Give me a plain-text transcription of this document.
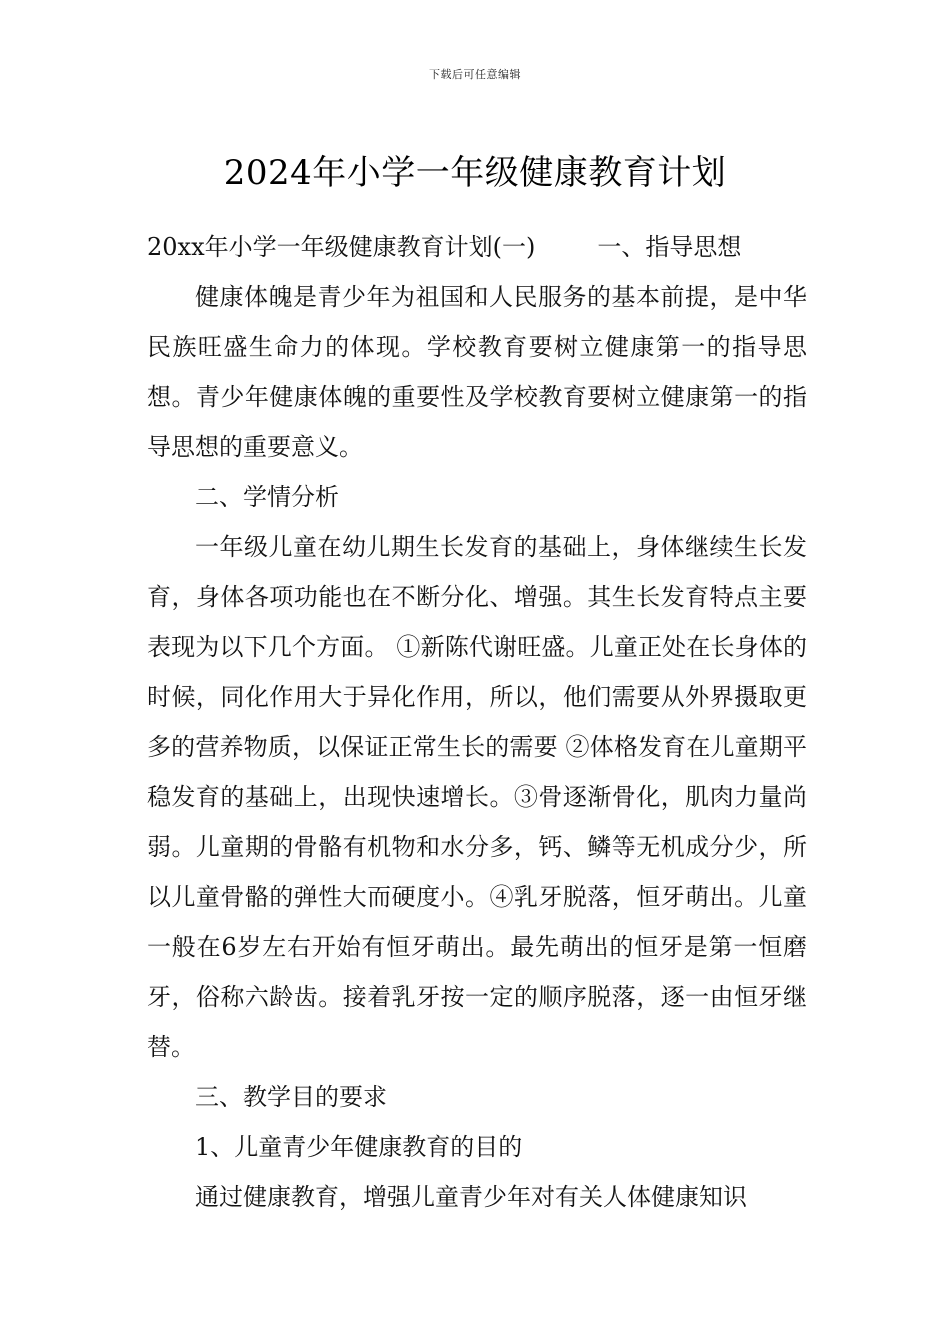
下载后可任意编辑
2024年小学一年级健康教育计划

20xx年小学一年级健康教育计划(一)	一、指导思想

健康体魄是青少年为祖国和人民服务的基本前提，是中华民族旺盛生命力的体现。学校教育要树立健康第一的指导思想。青少年健康体魄的重要性及学校教育要树立健康第一的指导思想的重要意义。

二、学情分析

一年级儿童在幼儿期生长发育的基础上，身体继续生长发育，身体各项功能也在不断分化、增强。其生长发育特点主要表现为以下几个方面。 ①新陈代谢旺盛。儿童正处在长身体的时候，同化作用大于异化作用，所以，他们需要从外界摄取更多的营养物质，以保证正常生长的需要 ②体格发育在儿童期平稳发育的基础上，出现快速增长。③骨逐渐骨化，肌肉力量尚弱。儿童期的骨骼有机物和水分多，钙、鳞等无机成分少，所以儿童骨骼的弹性大而硬度小。④乳牙脱落，恒牙萌出。儿童一般在6岁左右开始有恒牙萌出。最先萌出的恒牙是第一恒磨牙，俗称六龄齿。接着乳牙按一定的顺序脱落，逐一由恒牙继替。

三、教学目的要求

1、儿童青少年健康教育的目的

通过健康教育，增强儿童青少年对有关人体健康知识
